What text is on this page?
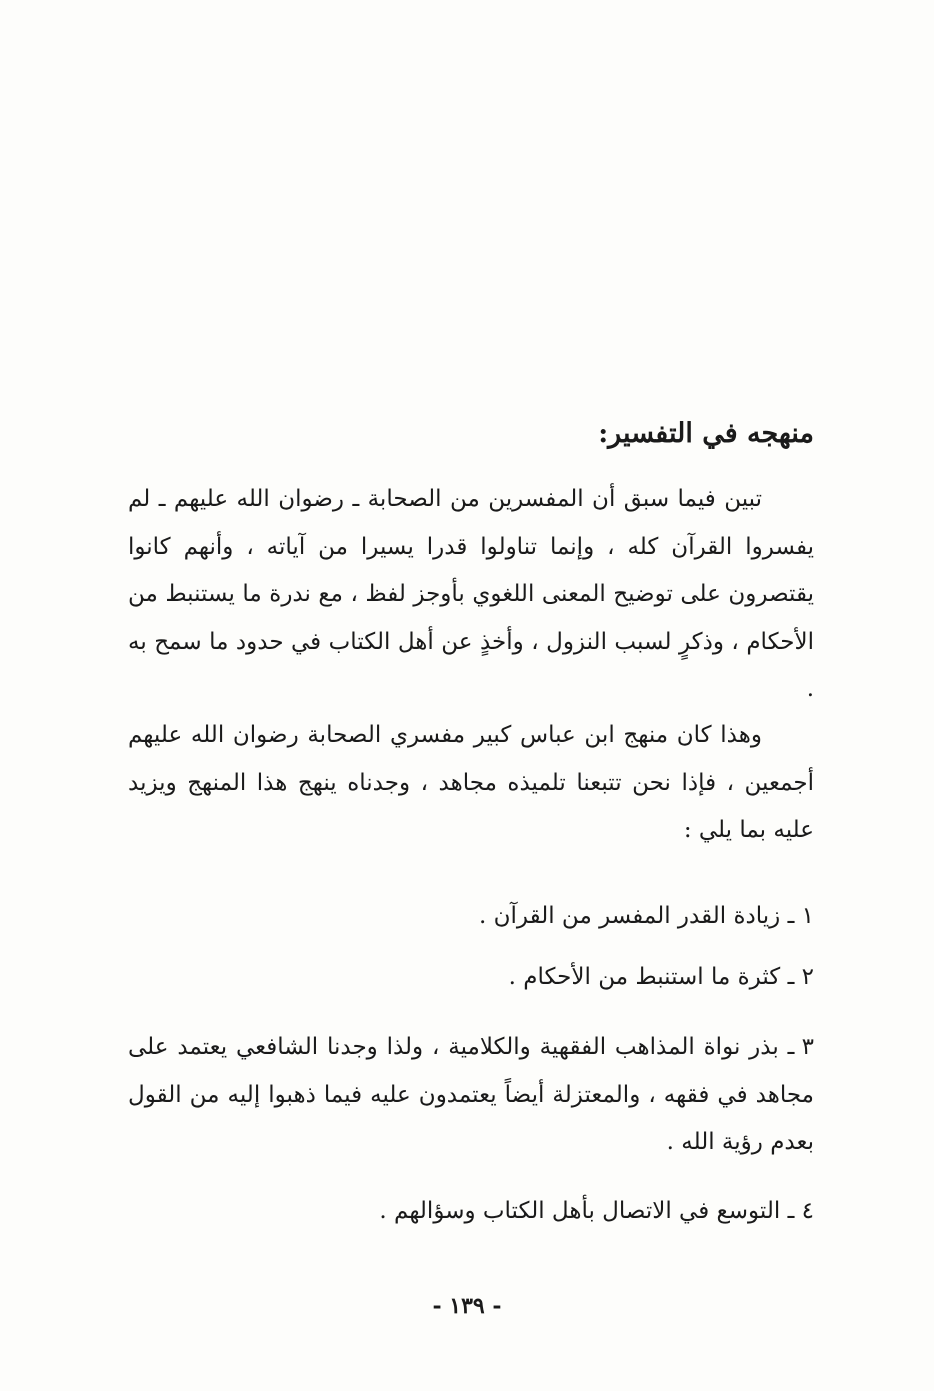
منهجه في التفسير:

تبين فيما سبق أن المفسرين من الصحابة ـ رضوان الله عليهم ـ لم يفسروا القرآن كله ، وإنما تناولوا قدرا يسيرا من آياته ، وأنهم كانوا يقتصرون على توضيح المعنى اللغوي بأوجز لفظ ، مع ندرة ما يستنبط من الأحكام ، وذكرٍ لسبب النزول ، وأخذٍ عن أهل الكتاب في حدود ما سمح به .

وهذا كان منهج ابن عباس كبير مفسري الصحابة رضوان الله عليهم أجمعين ، فإذا نحن تتبعنا تلميذه مجاهد ، وجدناه ينهج هذا المنهج ويزيد عليه بما يلي :

١ ـ زيادة القدر المفسر من القرآن .
٢ ـ كثرة ما استنبط من الأحكام .
٣ ـ بذر نواة المذاهب الفقهية والكلامية ، ولذا وجدنا الشافعي يعتمد على مجاهد في فقهه ، والمعتزلة أيضاً يعتمدون عليه فيما ذهبوا إليه من القول بعدم رؤية الله .
٤ ـ التوسع في الاتصال بأهل الكتاب وسؤالهم .
- ١٣٩ -
